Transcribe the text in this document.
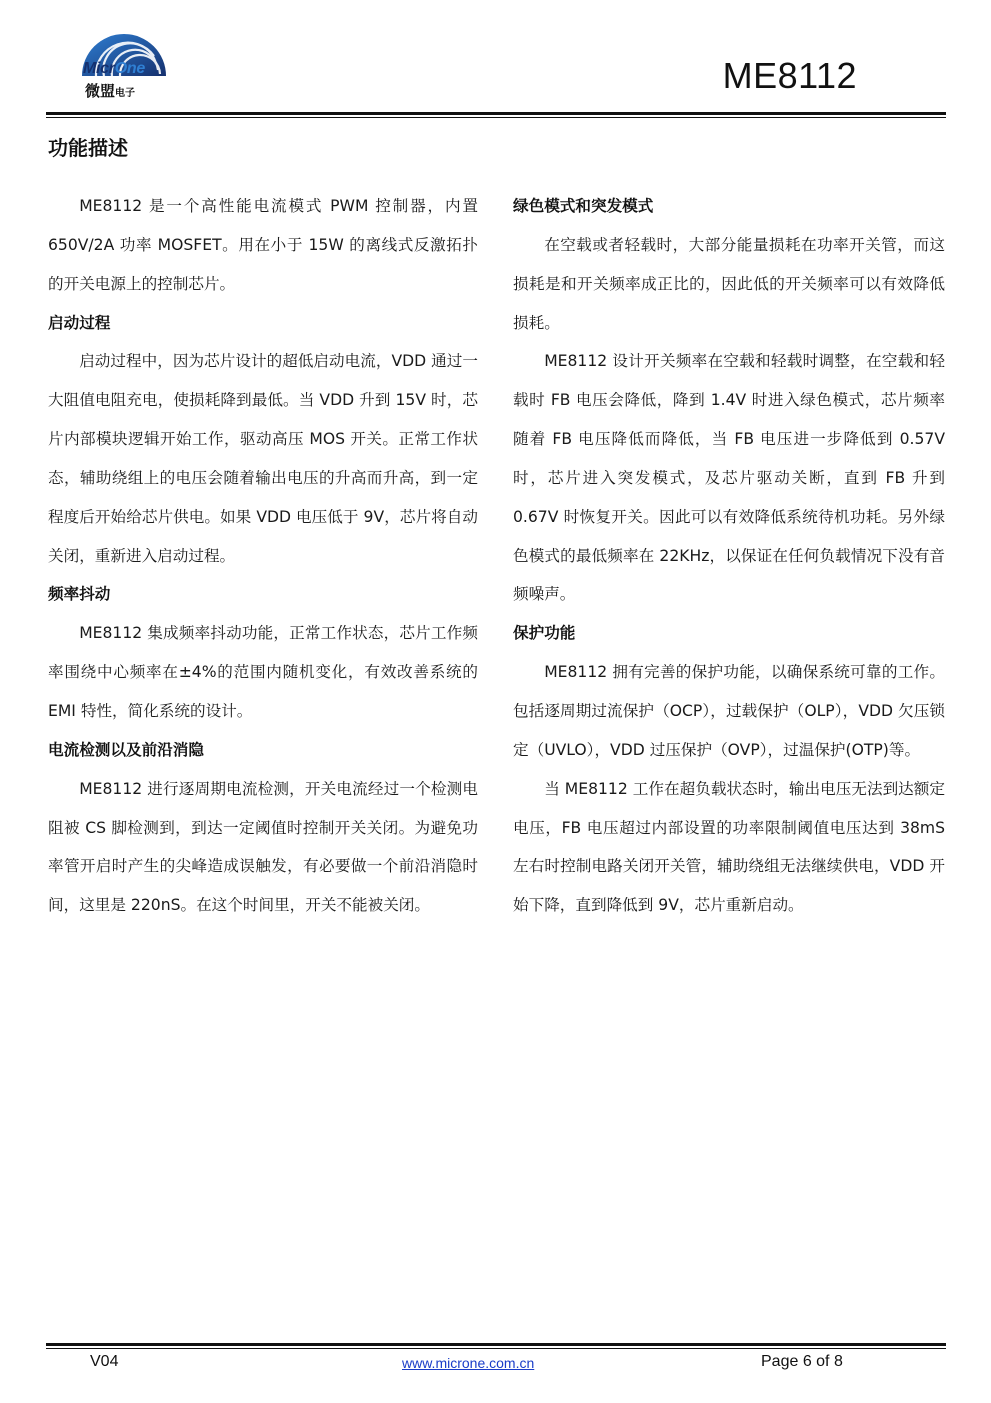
MicrOne
微盟电子	ME8112
功能描述

ME8112 是一个高性能电流模式 PWM 控制器，内置 650V/2A 功率 MOSFET。用在小于 15W 的离线式反激拓扑的开关电源上的控制芯片。

启动过程

启动过程中，因为芯片设计的超低启动电流，VDD 通过一大阻值电阻充电，使损耗降到最低。当 VDD 升到 15V 时，芯片内部模块逻辑开始工作，驱动高压 MOS 开关。正常工作状态，辅助绕组上的电压会随着输出电压的升高而升高，到一定程度后开始给芯片供电。如果 VDD 电压低于 9V，芯片将自动关闭，重新进入启动过程。

频率抖动

ME8112 集成频率抖动功能，正常工作状态，芯片工作频率围绕中心频率在±4%的范围内随机变化，有效改善系统的 EMI 特性，简化系统的设计。

电流检测以及前沿消隐

ME8112 进行逐周期电流检测，开关电流经过一个检测电阻被 CS 脚检测到，到达一定阈值时控制开关关闭。为避免功率管开启时产生的尖峰造成误触发，有必要做一个前沿消隐时间，这里是 220nS。在这个时间里，开关不能被关闭。

绿色模式和突发模式

在空载或者轻载时，大部分能量损耗在功率开关管，而这损耗是和开关频率成正比的，因此低的开关频率可以有效降低损耗。

ME8112 设计开关频率在空载和轻载时调整，在空载和轻载时 FB 电压会降低，降到 1.4V 时进入绿色模式，芯片频率随着 FB 电压降低而降低，当 FB 电压进一步降低到 0.57V 时，芯片进入突发模式，及芯片驱动关断，直到 FB 升到 0.67V 时恢复开关。因此可以有效降低系统待机功耗。另外绿色模式的最低频率在 22KHz，以保证在任何负载情况下没有音频噪声。

保护功能

ME8112 拥有完善的保护功能，以确保系统可靠的工作。包括逐周期过流保护（OCP），过载保护（OLP），VDD 欠压锁定（UVLO），VDD 过压保护（OVP），过温保护(OTP)等。

当 ME8112 工作在超负载状态时，输出电压无法到达额定电压，FB 电压超过内部设置的功率限制阈值电压达到 38mS 左右时控制电路关闭开关管，辅助绕组无法继续供电，VDD 开始下降，直到降低到 9V，芯片重新启动。

V04	www.microne.com.cn	Page 6 of 8
